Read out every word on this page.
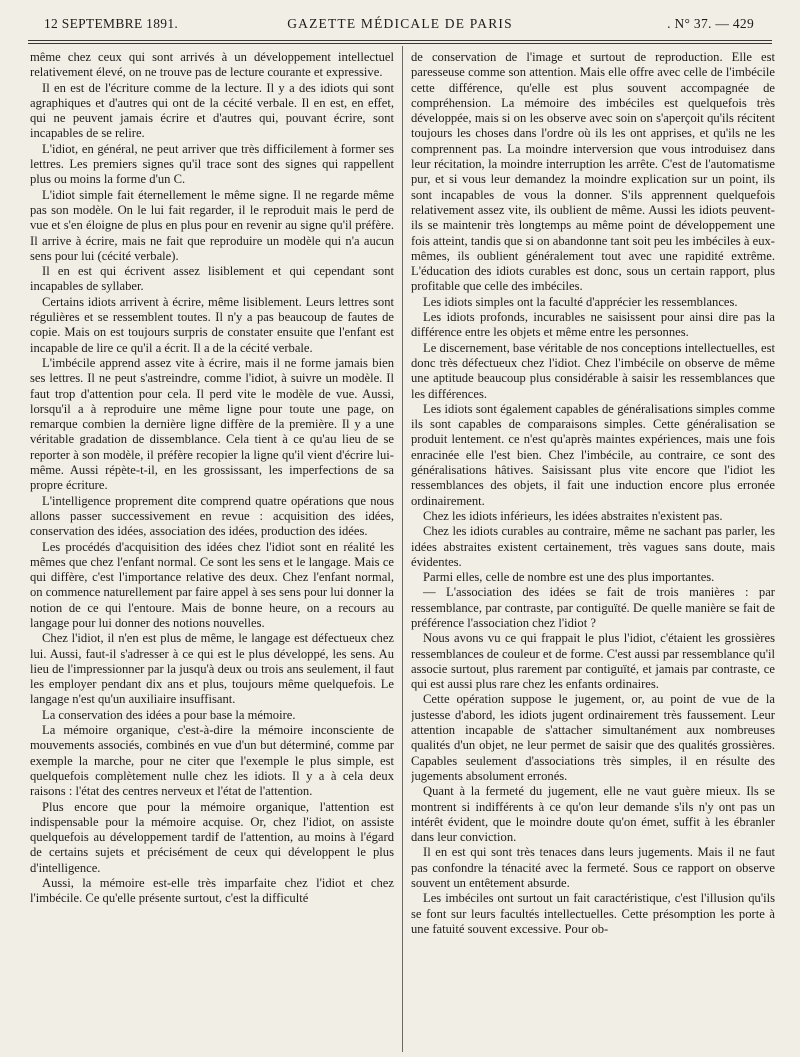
12 SEPTEMBRE 1891.	GAZETTE MÉDICALE DE PARIS	. N° 37. — 429

même chez ceux qui sont arrivés à un développement intellectuel relativement élevé, on ne trouve pas de lecture courante et expressive.

Il en est de l'écriture comme de la lecture. Il y a des idiots qui sont agraphiques et d'autres qui ont de la cécité verbale. Il en est, en effet, qui ne peuvent jamais écrire et d'autres qui, pouvant écrire, sont incapables de se relire.

L'idiot, en général, ne peut arriver que très difficilement à former ses lettres. Les premiers signes qu'il trace sont des signes qui rappellent plus ou moins la forme d'un C.

L'idiot simple fait éternellement le même signe. Il ne regarde même pas son modèle. On le lui fait regarder, il le reproduit mais le perd de vue et s'en éloigne de plus en plus pour en revenir au signe qu'il préfère. Il arrive à écrire, mais ne fait que reproduire un modèle qui n'a aucun sens pour lui (cécité verbale).

Il en est qui écrivent assez lisiblement et qui cependant sont incapables de syllaber.

Certains idiots arrivent à écrire, même lisiblement. Leurs lettres sont régulières et se ressemblent toutes. Il n'y a pas beaucoup de fautes de copie. Mais on est toujours surpris de constater ensuite que l'enfant est incapable de lire ce qu'il a écrit. Il a de la cécité verbale.

L'imbécile apprend assez vite à écrire, mais il ne forme jamais bien ses lettres. Il ne peut s'astreindre, comme l'idiot, à suivre un modèle. Il faut trop d'attention pour cela. Il perd vite le modèle de vue. Aussi, lorsqu'il a à reproduire une même ligne pour toute une page, on remarque combien la dernière ligne diffère de la première. Il y a une véritable gradation de dissemblance. Cela tient à ce qu'au lieu de se reporter à son modèle, il préfère recopier la ligne qu'il vient d'écrire lui-même. Aussi répète-t-il, en les grossissant, les imperfections de sa propre écriture.

L'intelligence proprement dite comprend quatre opérations que nous allons passer successivement en revue : acquisition des idées, conservation des idées, association des idées, production des idées.

Les procédés d'acquisition des idées chez l'idiot sont en réalité les mêmes que chez l'enfant normal. Ce sont les sens et le langage. Mais ce qui diffère, c'est l'importance relative des deux. Chez l'enfant normal, on commence naturellement par faire appel à ses sens pour lui donner la notion de ce qui l'entoure. Mais de bonne heure, on a recours au langage pour lui donner des notions nouvelles.

Chez l'idiot, il n'en est plus de même, le langage est défectueux chez lui. Aussi, faut-il s'adresser à ce qui est le plus développé, les sens. Au lieu de l'impressionner par la jusqu'à deux ou trois ans seulement, il faut les employer pendant dix ans et plus, toujours même quelquefois. Le langage n'est qu'un auxiliaire insuffisant.

La conservation des idées a pour base la mémoire.

La mémoire organique, c'est-à-dire la mémoire inconsciente de mouvements associés, combinés en vue d'un but déterminé, comme par exemple la marche, pour ne citer que l'exemple le plus simple, est quelquefois complètement nulle chez les idiots. Il y a à cela deux raisons : l'état des centres nerveux et l'état de l'attention.

Plus encore que pour la mémoire organique, l'attention est indispensable pour la mémoire acquise. Or, chez l'idiot, on assiste quelquefois au développement tardif de l'attention, au moins à l'égard de certains sujets et précisément de ceux qui développent le plus d'intelligence.

Aussi, la mémoire est-elle très imparfaite chez l'idiot et chez l'imbécile. Ce qu'elle présente surtout, c'est la difficulté

de conservation de l'image et surtout de reproduction. Elle est paresseuse comme son attention. Mais elle offre avec celle de l'imbécile cette différence, qu'elle est plus souvent accompagnée de compréhension. La mémoire des imbéciles est quelquefois très développée, mais si on les observe avec soin on s'aperçoit qu'ils récitent toujours les choses dans l'ordre où ils les ont apprises, et qu'ils ne les comprennent pas. La moindre interversion que vous introduisez dans leur récitation, la moindre interruption les arrête. C'est de l'automatisme pur, et si vous leur demandez la moindre explication sur un point, ils sont incapables de vous la donner. S'ils apprennent quelquefois relativement assez vite, ils oublient de même. Aussi les idiots peuvent-ils se maintenir très longtemps au même point de développement une fois atteint, tandis que si on abandonne tant soit peu les imbéciles à eux-mêmes, ils oublient généralement tout avec une rapidité extrême. L'éducation des idiots curables est donc, sous un certain rapport, plus profitable que celle des imbéciles.

Les idiots simples ont la faculté d'apprécier les ressemblances.

Les idiots profonds, incurables ne saisissent pour ainsi dire pas la différence entre les objets et même entre les personnes.

Le discernement, base véritable de nos conceptions intellectuelles, est donc très défectueux chez l'idiot. Chez l'imbécile on observe de même une aptitude beaucoup plus considérable à saisir les ressemblances que les différences.

Les idiots sont également capables de généralisations simples comme ils sont capables de comparaisons simples. Cette généralisation se produit lentement. ce n'est qu'après maintes expériences, mais une fois enracinée elle l'est bien. Chez l'imbécile, au contraire, ce sont des généralisations hâtives. Saisissant plus vite encore que l'idiot les ressemblances des objets, il fait une induction encore plus erronée ordinairement.

Chez les idiots inférieurs, les idées abstraites n'existent pas.

Chez les idiots curables au contraire, même ne sachant pas parler, les idées abstraites existent certainement, très vagues sans doute, mais évidentes.

Parmi elles, celle de nombre est une des plus importantes.

— L'association des idées se fait de trois manières : par ressemblance, par contraste, par contiguïté. De quelle manière se fait de préférence l'association chez l'idiot ?

Nous avons vu ce qui frappait le plus l'idiot, c'étaient les grossières ressemblances de couleur et de forme. C'est aussi par ressemblance qu'il associe surtout, plus rarement par contiguïté, et jamais par contraste, ce qui est aussi plus rare chez les enfants ordinaires.

Cette opération suppose le jugement, or, au point de vue de la justesse d'abord, les idiots jugent ordinairement très faussement. Leur attention incapable de s'attacher simultanément aux nombreuses qualités d'un objet, ne leur permet de saisir que des qualités grossières. Capables seulement d'associations très simples, il en résulte des jugements absolument erronés.

Quant à la fermeté du jugement, elle ne vaut guère mieux. Ils se montrent si indifférents à ce qu'on leur demande s'ils n'y ont pas un intérêt évident, que le moindre doute qu'on émet, suffit à les ébranler dans leur conviction.

Il en est qui sont très tenaces dans leurs jugements. Mais il ne faut pas confondre la ténacité avec la fermeté. Sous ce rapport on observe souvent un entêtement absurde.

Les imbéciles ont surtout un fait caractéristique, c'est l'illusion qu'ils se font sur leurs facultés intellectuelles. Cette présomption les porte à une fatuité souvent excessive. Pour ob-
